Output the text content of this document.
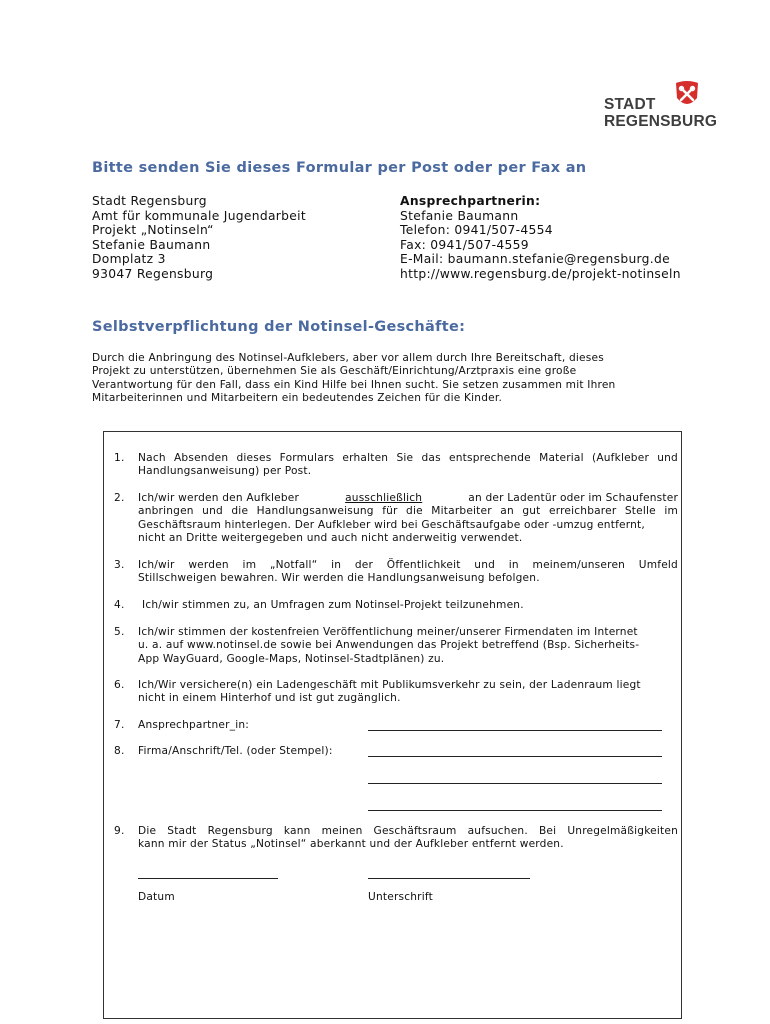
STADT
REGENSBURG
Bitte senden Sie dieses Formular per Post oder per Fax an
Stadt Regensburg
Amt für kommunale Jugendarbeit
Projekt „Notinseln“
Stefanie Baumann
Domplatz 3
93047 Regensburg
Ansprechpartnerin:
Stefanie Baumann
Telefon: 0941/507-4554
Fax: 0941/507-4559
E-Mail: baumann.stefanie@regensburg.de
http://www.regensburg.de/projekt-notinseln
Selbstverpflichtung der Notinsel-Geschäfte:
Durch die Anbringung des Notinsel-Aufklebers, aber vor allem durch Ihre Bereitschaft, dieses
Projekt zu unterstützen, übernehmen Sie als Geschäft/Einrichtung/Arztpraxis eine große
Verantwortung für den Fall, dass ein Kind Hilfe bei Ihnen sucht. Sie setzen zusammen mit Ihren
Mitarbeiterinnen und Mitarbeitern ein bedeutendes Zeichen für die Kinder.
1. Nach Absenden dieses Formulars erhalten Sie das entsprechende Material (Aufkleber und
Handlungsanweisung) per Post.
2. Ich/wir werden den Aufkleber	ausschließlich	an der Ladentür oder im Schaufenster
anbringen und die Handlungsanweisung für die Mitarbeiter an gut erreichbarer Stelle im
Geschäftsraum hinterlegen. Der Aufkleber wird bei Geschäftsaufgabe oder -umzug entfernt,
nicht an Dritte weitergegeben und auch nicht anderweitig verwendet.
3. Ich/wir werden im „Notfall“ in der Öffentlichkeit und in meinem/unseren Umfeld
Stillschweigen bewahren. Wir werden die Handlungsanweisung befolgen.
4. Ich/wir stimmen zu, an Umfragen zum Notinsel-Projekt teilzunehmen.
5. Ich/wir stimmen der kostenfreien Veröffentlichung meiner/unserer Firmendaten im Internet
u. a. auf www.notinsel.de sowie bei Anwendungen das Projekt betreffend (Bsp. Sicherheits-
App WayGuard, Google-Maps, Notinsel-Stadtplänen) zu.
6. Ich/Wir versichere(n) ein Ladengeschäft mit Publikumsverkehr zu sein, der Ladenraum liegt
nicht in einem Hinterhof und ist gut zugänglich.
7. Ansprechpartner_in:
8. Firma/Anschrift/Tel. (oder Stempel):
9. Die Stadt Regensburg kann meinen Geschäftsraum aufsuchen. Bei Unregelmäßigkeiten
kann mir der Status „Notinsel“ aberkannt und der Aufkleber entfernt werden.
Datum	Unterschrift
